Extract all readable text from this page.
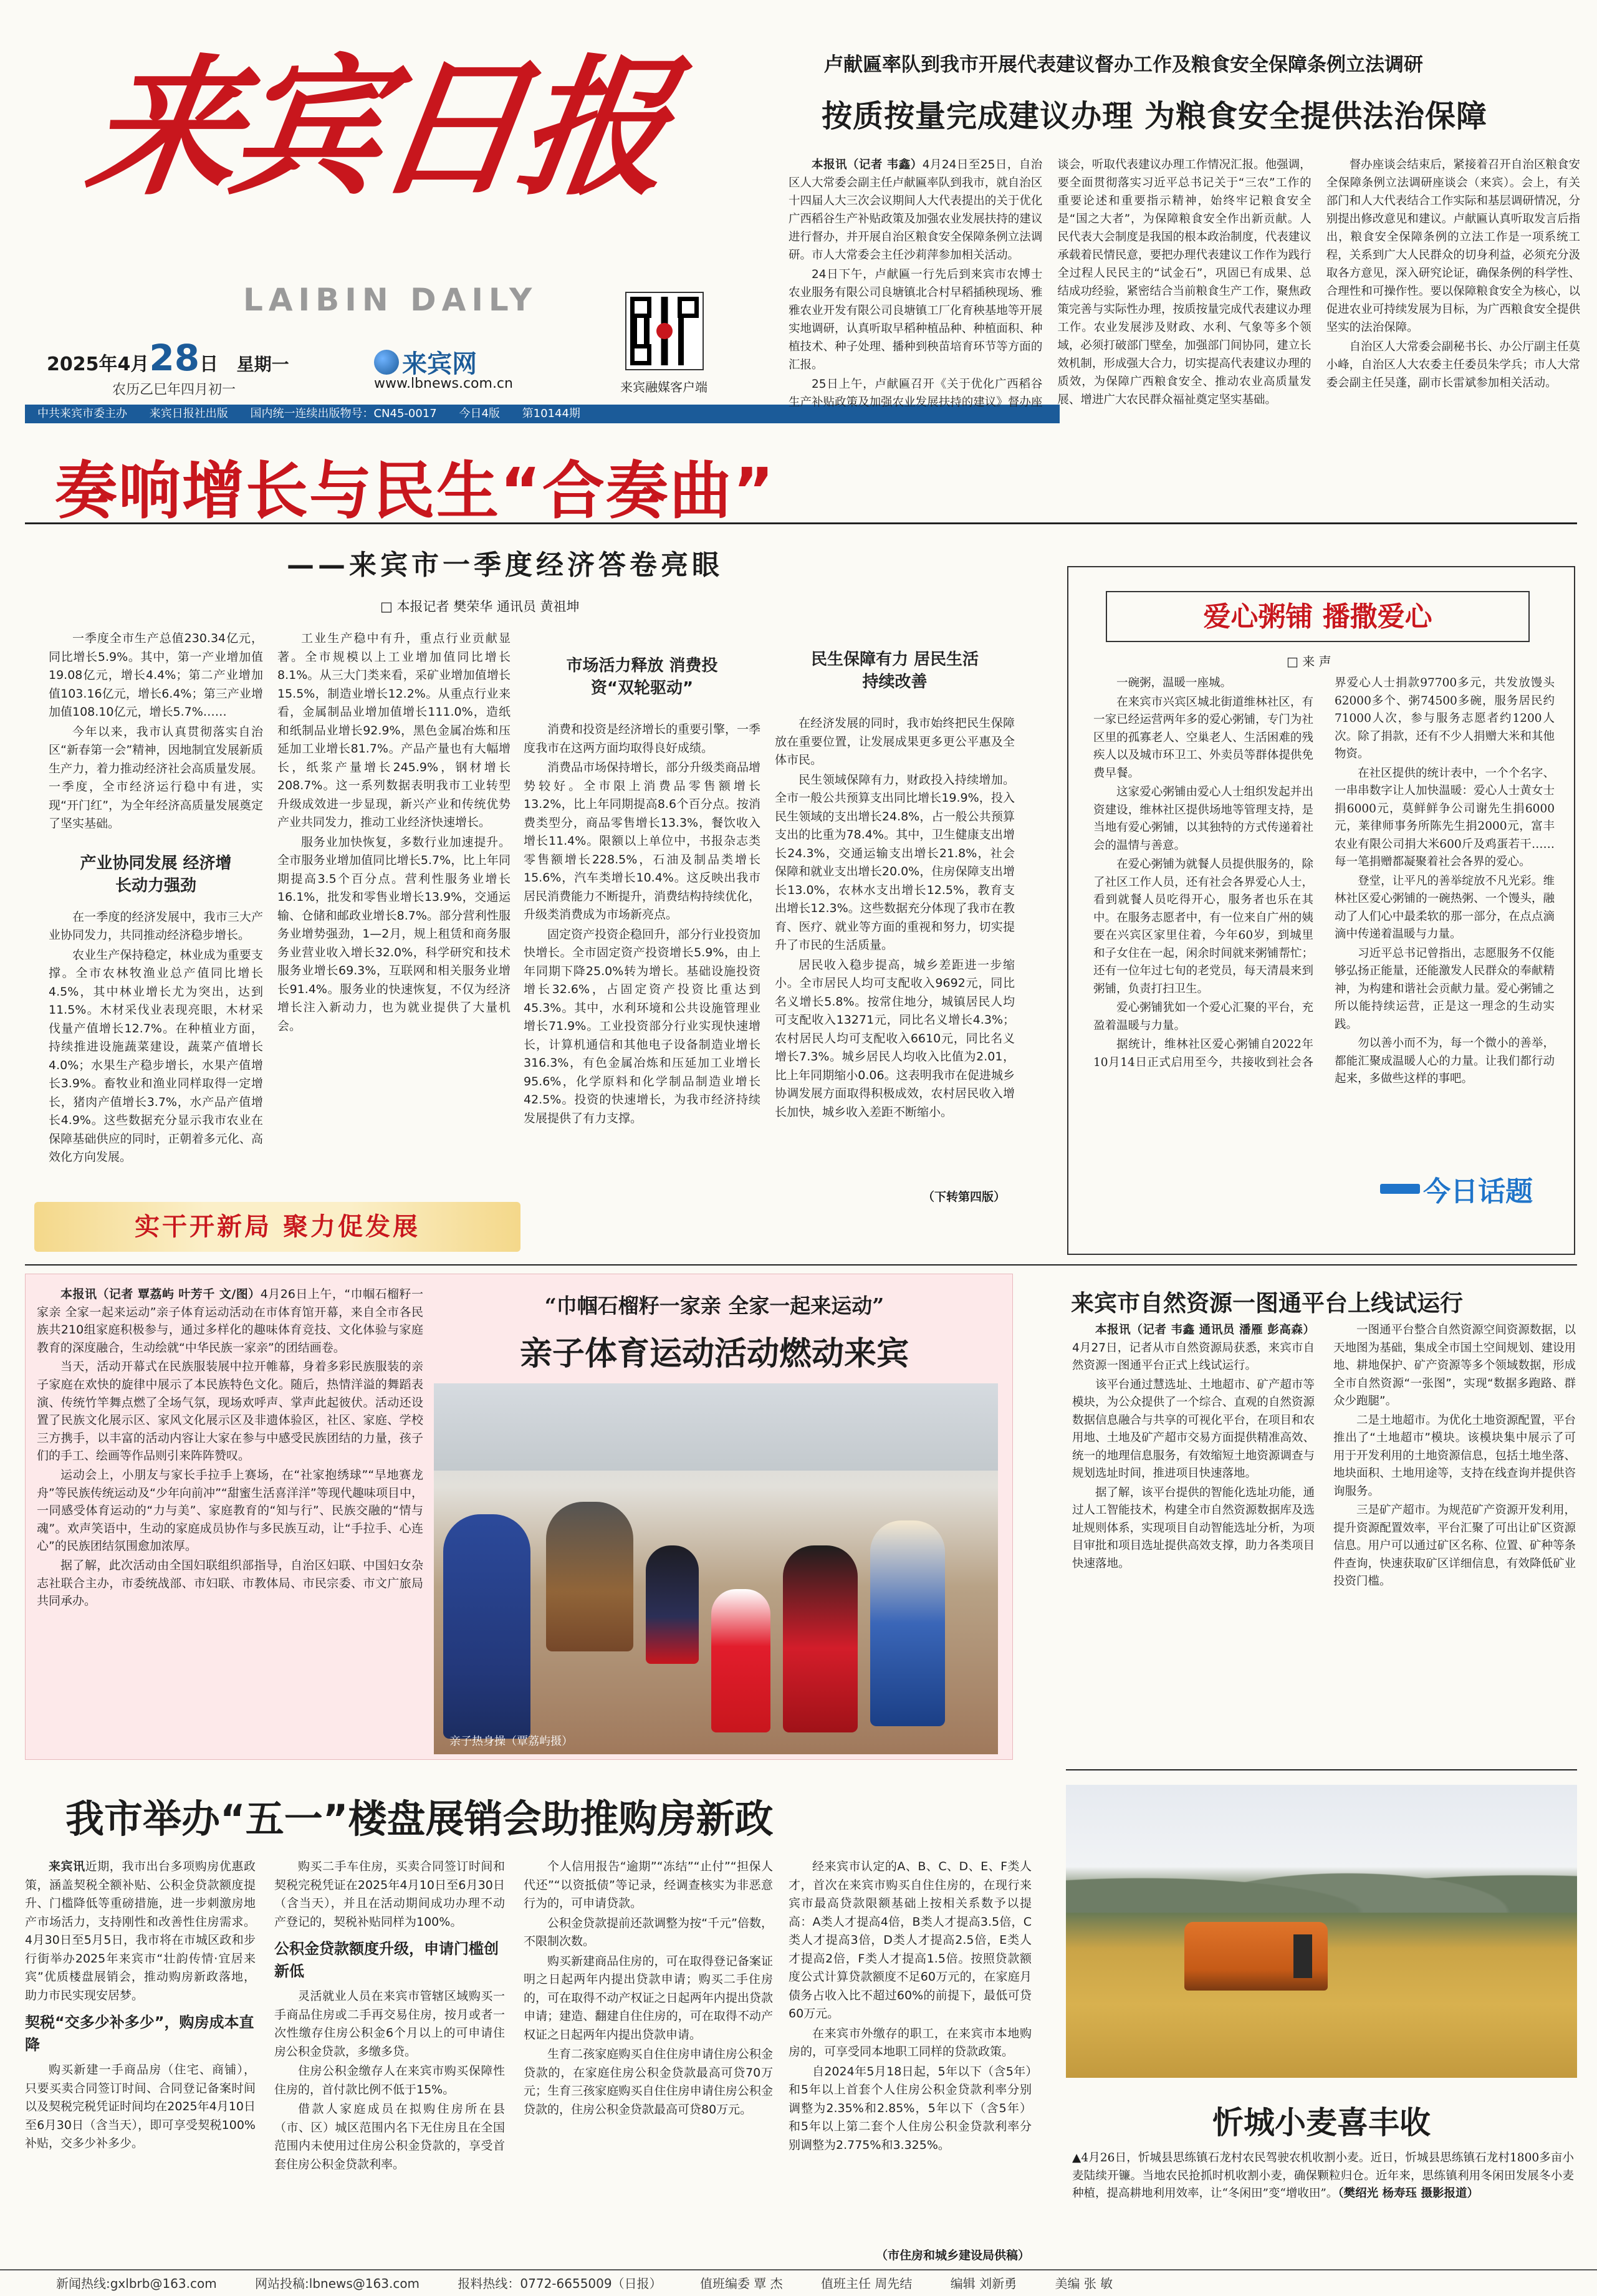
来宾日报
LAIBIN DAILY
2025年4月28日 星期一
农历乙巳年四月初一
来宾网
www.lbnews.com.cn	来宾融媒客户端
中共来宾市委主办 来宾日报社出版 国内统一连续出版物号：CN45-0017 今日4版 第10144期
卢献匾率队到我市开展代表建议督办工作及粮食安全保障条例立法调研
按质按量完成建议办理 为粮食安全提供法治保障

本报讯（记者 韦鑫）4月24日至25日，自治区人大常委会副主任卢献匾率队到我市，就自治区十四届人大三次会议期间人大代表提出的关于优化广西稻谷生产补贴政策及加强农业发展扶持的建议进行督办，并开展自治区粮食安全保障条例立法调研。市人大常委会主任沙莉萍参加相关活动。

24日下午，卢献匾一行先后到来宾市农博士农业服务有限公司良塘镇北合村早稻插秧现场、雅雅农业开发有限公司良塘镇工厂化育秧基地等开展实地调研，认真听取早稻种植品种、种植面积、种植技术、种子处理、播种到秧苗培育环节等方面的汇报。

25日上午，卢献匾召开《关于优化广西稻谷生产补贴政策及加强农业发展扶持的建议》督办座谈会，听取代表建议办理工作情况汇报。他强调，要全面贯彻落实习近平总书记关于“三农”工作的重要论述和重要指示精神，始终牢记粮食安全是“国之大者”，为保障粮食安全作出新贡献。人民代表大会制度是我国的根本政治制度，代表建议承载着民情民意，要把办理代表建议工作作为践行全过程人民民主的“试金石”，巩固已有成果、总结成功经验，紧密结合当前粮食生产工作，聚焦政策完善与实际性办理，按质按量完成代表建议办理工作。农业发展涉及财政、水利、气象等多个领域，必须打破部门壁垒，加强部门间协同，建立长效机制，形成强大合力，切实提高代表建议办理的质效，为保障广西粮食安全、推动农业高质量发展、增进广大农民群众福祉奠定坚实基础。

督办座谈会结束后，紧接着召开自治区粮食安全保障条例立法调研座谈会（来宾）。会上，有关部门和人大代表结合工作实际和基层调研情况，分别提出修改意见和建议。卢献匾认真听取发言后指出，粮食安全保障条例的立法工作是一项系统工程，关系到广大人民群众的切身利益，必须充分汲取各方意见，深入研究论证，确保条例的科学性、合理性和可操作性。要以保障粮食安全为核心，以促进农业可持续发展为目标，为广西粮食安全提供坚实的法治保障。

自治区人大常委会副秘书长、办公厅副主任莫小峰，自治区人大农委主任委员朱学兵；市人大常委会副主任吴蓬，副市长雷斌参加相关活动。

奏响增长与民生“合奏曲”
——来宾市一季度经济答卷亮眼
□ 本报记者 樊荣华 通讯员 黄祖坤

一季度全市生产总值230.34亿元，同比增长5.9%。其中，第一产业增加值19.08亿元，增长4.4%；第二产业增加值103.16亿元，增长6.4%；第三产业增加值108.10亿元，增长5.7%……

今年以来，我市认真贯彻落实自治区“新春第一会”精神，因地制宜发展新质生产力，着力推动经济社会高质量发展。一季度，全市经济运行稳中有进，实现“开门红”，为全年经济高质量发展奠定了坚实基础。

产业协同发展 经济增长动力强劲

在一季度的经济发展中，我市三大产业协同发力，共同推动经济稳步增长。

农业生产保持稳定，林业成为重要支撑。全市农林牧渔业总产值同比增长4.5%，其中林业增长尤为突出，达到11.5%。木材采伐业表现亮眼，木材采伐量产值增长12.7%。在种植业方面，持续推进设施蔬菜建设，蔬菜产值增长4.0%；水果生产稳步增长，水果产值增长3.9%。畜牧业和渔业同样取得一定增长，猪肉产值增长3.7%，水产品产值增长4.9%。这些数据充分显示我市农业在保障基础供应的同时，正朝着多元化、高效化方向发展。

工业生产稳中有升，重点行业贡献显著。全市规模以上工业增加值同比增长8.1%。从三大门类来看，采矿业增加值增长15.5%，制造业增长12.2%。从重点行业来看，金属制品业增加值增长111.0%，造纸和纸制品业增长92.9%，黑色金属冶炼和压延加工业增长81.7%。产品产量也有大幅增长，纸浆产量增长245.9%，钢材增长208.7%。这一系列数据表明我市工业转型升级成效进一步显现，新兴产业和传统优势产业共同发力，推动工业经济快速增长。

服务业加快恢复，多数行业加速提升。全市服务业增加值同比增长5.7%，比上年同期提高3.5个百分点。营利性服务业增长16.1%，批发和零售业增长13.9%，交通运输、仓储和邮政业增长8.7%。部分营利性服务业增势强劲，1—2月，规上租赁和商务服务业营业收入增长32.0%，科学研究和技术服务业增长69.3%，互联网和相关服务业增长91.4%。服务业的快速恢复，不仅为经济增长注入新动力，也为就业提供了大量机会。

市场活力释放 消费投资“双轮驱动”

消费和投资是经济增长的重要引擎，一季度我市在这两方面均取得良好成绩。

消费品市场保持增长，部分升级类商品增势较好。全市限上消费品零售额增长13.2%，比上年同期提高8.6个百分点。按消费类型分，商品零售增长13.3%，餐饮收入增长11.4%。限额以上单位中，书报杂志类零售额增长228.5%，石油及制品类增长15.6%，汽车类增长10.4%。这反映出我市居民消费能力不断提升，消费结构持续优化，升级类消费成为市场新亮点。

固定资产投资企稳回升，部分行业投资加快增长。全市固定资产投资增长5.9%，由上年同期下降25.0%转为增长。基础设施投资增长32.6%，占固定资产投资比重达到45.3%。其中，水利环境和公共设施管理业增长71.9%。工业投资部分行业实现快速增长，计算机通信和其他电子设备制造业增长316.3%，有色金属冶炼和压延加工业增长95.6%，化学原料和化学制品制造业增长42.5%。投资的快速增长，为我市经济持续发展提供了有力支撑。

民生保障有力 居民生活持续改善

在经济发展的同时，我市始终把民生保障放在重要位置，让发展成果更多更公平惠及全体市民。

民生领域保障有力，财政投入持续增加。全市一般公共预算支出同比增长19.9%，投入民生领域的支出增长24.8%，占一般公共预算支出的比重为78.4%。其中，卫生健康支出增长24.3%，交通运输支出增长21.8%，社会保障和就业支出增长20.0%，住房保障支出增长13.0%，农林水支出增长12.5%，教育支出增长12.3%。这些数据充分体现了我市在教育、医疗、就业等方面的重视和努力，切实提升了市民的生活质量。

居民收入稳步提高，城乡差距进一步缩小。全市居民人均可支配收入9692元，同比名义增长5.8%。按常住地分，城镇居民人均可支配收入13271元，同比名义增长4.3%；农村居民人均可支配收入6610元，同比名义增长7.3%。城乡居民人均收入比值为2.01，比上年同期缩小0.06。这表明我市在促进城乡协调发展方面取得积极成效，农村居民收入增长加快，城乡收入差距不断缩小。

（下转第四版）
实干开新局 聚力促发展
爱心粥铺 播撒爱心
□ 来 声

一碗粥，温暖一座城。

在来宾市兴宾区城北街道维林社区，有一家已经运营两年多的爱心粥铺，专门为社区里的孤寡老人、空巢老人、生活困难的残疾人以及城市环卫工、外卖员等群体提供免费早餐。

这家爱心粥铺由爱心人士组织发起并出资建设，维林社区提供场地等管理支持，是当地有爱心粥铺，以其独特的方式传递着社会的温情与善意。

在爱心粥铺为就餐人员提供服务的，除了社区工作人员，还有社会各界爱心人士，看到就餐人员吃得开心，服务者也乐在其中。在服务志愿者中，有一位来自广州的姨要在兴宾区家里住着，今年60岁，到城里和子女住在一起，闲余时间就来粥铺帮忙；还有一位年过七旬的老党员，每天清晨来到粥铺，负责打扫卫生。

爱心粥铺犹如一个爱心汇聚的平台，充盈着温暖与力量。

据统计，维林社区爱心粥铺自2022年10月14日正式启用至今，共接收到社会各界爱心人士捐款97700多元，共发放馒头62000多个、粥74500多碗，服务居民约71000人次，参与服务志愿者约1200人次。除了捐款，还有不少人捐赠大米和其他物资。

在社区提供的统计表中，一个个名字、一串串数字让人加快温暖：爱心人士黄女士捐6000元，莫鲜鲜争公司谢先生捐6000元，莱律师事务所陈先生捐2000元，富丰农业有限公司捐大米600斤及鸡蛋若干……每一笔捐赠都凝聚着社会各界的爱心。

登堂，让平凡的善举绽放不凡光彩。维林社区爱心粥铺的一碗热粥、一个馒头，融动了人们心中最柔软的那一部分，在点点滴滴中传递着温暖与力量。

习近平总书记曾指出，志愿服务不仅能够弘扬正能量，还能激发人民群众的奉献精神，为构建和谐社会贡献力量。爱心粥铺之所以能持续运营，正是这一理念的生动实践。

勿以善小而不为，每一个微小的善举，都能汇聚成温暖人心的力量。让我们都行动起来，多做些这样的事吧。

今日话题

本报讯（记者 覃荔屿 叶芳千 文/图）4月26日上午，“巾帼石榴籽一家亲 全家一起来运动”亲子体育运动活动在市体育馆开幕，来自全市各民族共210组家庭积极参与，通过多样化的趣味体育竞技、文化体验与家庭教育的深度融合，生动绘就“中华民族一家亲”的团结画卷。

当天，活动开幕式在民族服装展中拉开帷幕，身着多彩民族服装的亲子家庭在欢快的旋律中展示了本民族特色文化。随后，热情洋溢的舞蹈表演、传统竹竿舞点燃了全场气氛，现场欢呼声、掌声此起彼伏。活动还设置了民族文化展示区、家风文化展示区及非遗体验区，社区、家庭、学校三方携手，以丰富的活动内容让大家在参与中感受民族团结的力量，孩子们的手工、绘画等作品则引来阵阵赞叹。

运动会上，小朋友与家长手拉手上赛场，在“社家抱绣球”“旱地赛龙舟”等民族传统运动及“少年向前冲”“甜蜜生活喜洋洋”等现代趣味项目中，一同感受体育运动的“力与美”、家庭教育的“知与行”、民族交融的“情与魂”。欢声笑语中，生动的家庭成员协作与多民族互动，让“手拉手、心连心”的民族团结氛围愈加浓厚。

据了解，此次活动由全国妇联组织部指导，自治区妇联、中国妇女杂志社联合主办，市委统战部、市妇联、市教体局、市民宗委、市文广旅局共同承办。

“巾帼石榴籽一家亲 全家一起来运动”
亲子体育运动活动燃动来宾
亲子热身操（覃荔屿摄）
来宾市自然资源一图通平台上线试运行

本报讯（记者 韦鑫 通讯员 潘雁 彭高森）4月27日，记者从市自然资源局获悉，来宾市自然资源一图通平台正式上线试运行。

该平台通过慧选址、土地超市、矿产超市等模块，为公众提供了一个综合、直观的自然资源数据信息融合与共享的可视化平台，在项目和农用地、土地及矿产超市交易方面提供精准高效、统一的地理信息服务，有效缩短土地资源调查与规划选址时间，推进项目快速落地。

据了解，该平台提供的智能化选址功能，通过人工智能技术，构建全市自然资源数据库及选址规则体系，实现项目自动智能选址分析，为项目审批和项目选址提供高效支撑，助力各类项目快速落地。

一图通平台整合自然资源空间资源数据，以天地图为基础，集成全市国土空间规划、建设用地、耕地保护、矿产资源等多个领域数据，形成全市自然资源“一张图”，实现“数据多跑路、群众少跑腿”。

二是土地超市。为优化土地资源配置，平台推出了“土地超市”模块。该模块集中展示了可用于开发利用的土地资源信息，包括土地坐落、地块面积、土地用途等，支持在线查询并提供咨询服务。

三是矿产超市。为规范矿产资源开发利用，提升资源配置效率，平台汇聚了可出让矿区资源信息。用户可以通过矿区名称、位置、矿种等条件查询，快速获取矿区详细信息，有效降低矿业投资门槛。

我市举办“五一”楼盘展销会助推购房新政

来宾讯近期，我市出台多项购房优惠政策，涵盖契税全额补贴、公积金贷款额度提升、门槛降低等重磅措施，进一步刺激房地产市场活力，支持刚性和改善性住房需求。4月30日至5月5日，我市将在市城区政和步行街举办2025年来宾市“壮韵传情·宜居来宾”优质楼盘展销会，推动购房新政落地，助力市民实现安居梦。

契税“交多少补多少”，购房成本直降

购买新建一手商品房（住宅、商铺），只要买卖合同签订时间、合同登记备案时间以及契税完税凭证时间均在2025年4月10日至6月30日（含当天），即可享受契税100%补贴，交多少补多少。

购买二手车住房，买卖合同签订时间和契税完税凭证在2025年4月10日至6月30日（含当天），并且在活动期间成功办理不动产登记的，契税补贴同样为100%。

公积金贷款额度升级，申请门槛创新低

灵活就业人员在来宾市管辖区域购买一手商品住房或二手再交易住房，按月或者一次性缴存住房公积金6个月以上的可申请住房公积金贷款，多缴多贷。

住房公积金缴存人在来宾市购买保障性住房的，首付款比例不低于15%。

借款人家庭成员在拟购住房所在县（市、区）城区范围内名下无住房且在全国范围内未使用过住房公积金贷款的，享受首套住房公积金贷款利率。

个人信用报告“逾期”“冻结”“止付”“担保人代还”“以资抵债”等记录，经调查核实为非恶意行为的，可申请贷款。

公积金贷款提前还款调整为按“千元”倍数，不限制次数。

购买新建商品住房的，可在取得登记备案证明之日起两年内提出贷款申请；购买二手住房的，可在取得不动产权证之日起两年内提出贷款申请；建造、翻建自住住房的，可在取得不动产权证之日起两年内提出贷款申请。

生育二孩家庭购买自住住房申请住房公积金贷款的，在家庭住房公积金贷款最高可贷70万元；生育三孩家庭购买自住住房申请住房公积金贷款的，住房公积金贷款最高可贷80万元。

经来宾市认定的A、B、C、D、E、F类人才，首次在来宾市购买自住住房的，在现行来宾市最高贷款限额基础上按相关系数予以提高：A类人才提高4倍，B类人才提高3.5倍，C类人才提高3倍，D类人才提高2.5倍，E类人才提高2倍，F类人才提高1.5倍。按照贷款额度公式计算贷款额度不足60万元的，在家庭月债务占收入比不超过60%的前提下，最低可贷60万元。

在来宾市外缴存的职工，在来宾市本地购房的，可享受同本地职工同样的贷款政策。

自2024年5月18日起，5年以下（含5年）和5年以上首套个人住房公积金贷款利率分别调整为2.35%和2.85%，5年以下（含5年）和5年以上第二套个人住房公积金贷款利率分别调整为2.775%和3.325%。

（市住房和城乡建设局供稿）
忻城小麦喜丰收
▲4月26日，忻城县思练镇石龙村农民驾驶农机收割小麦。近日，忻城县思练镇石龙村1800多亩小麦陆续开镰。当地农民抢抓时机收割小麦，确保颗粒归仓。近年来，思练镇利用冬闲田发展冬小麦种植，提高耕地利用效率，让“冬闲田”变“增收田”。（樊绍光 杨寿珏 摄影报道）
新闻热线:gxlbrb@163.com	网站投稿:lbnews@163.com	报料热线：0772-6655009（日报）	值班编委 覃 杰	值班主任 周先结	编辑 刘新勇	美编 张 敏
